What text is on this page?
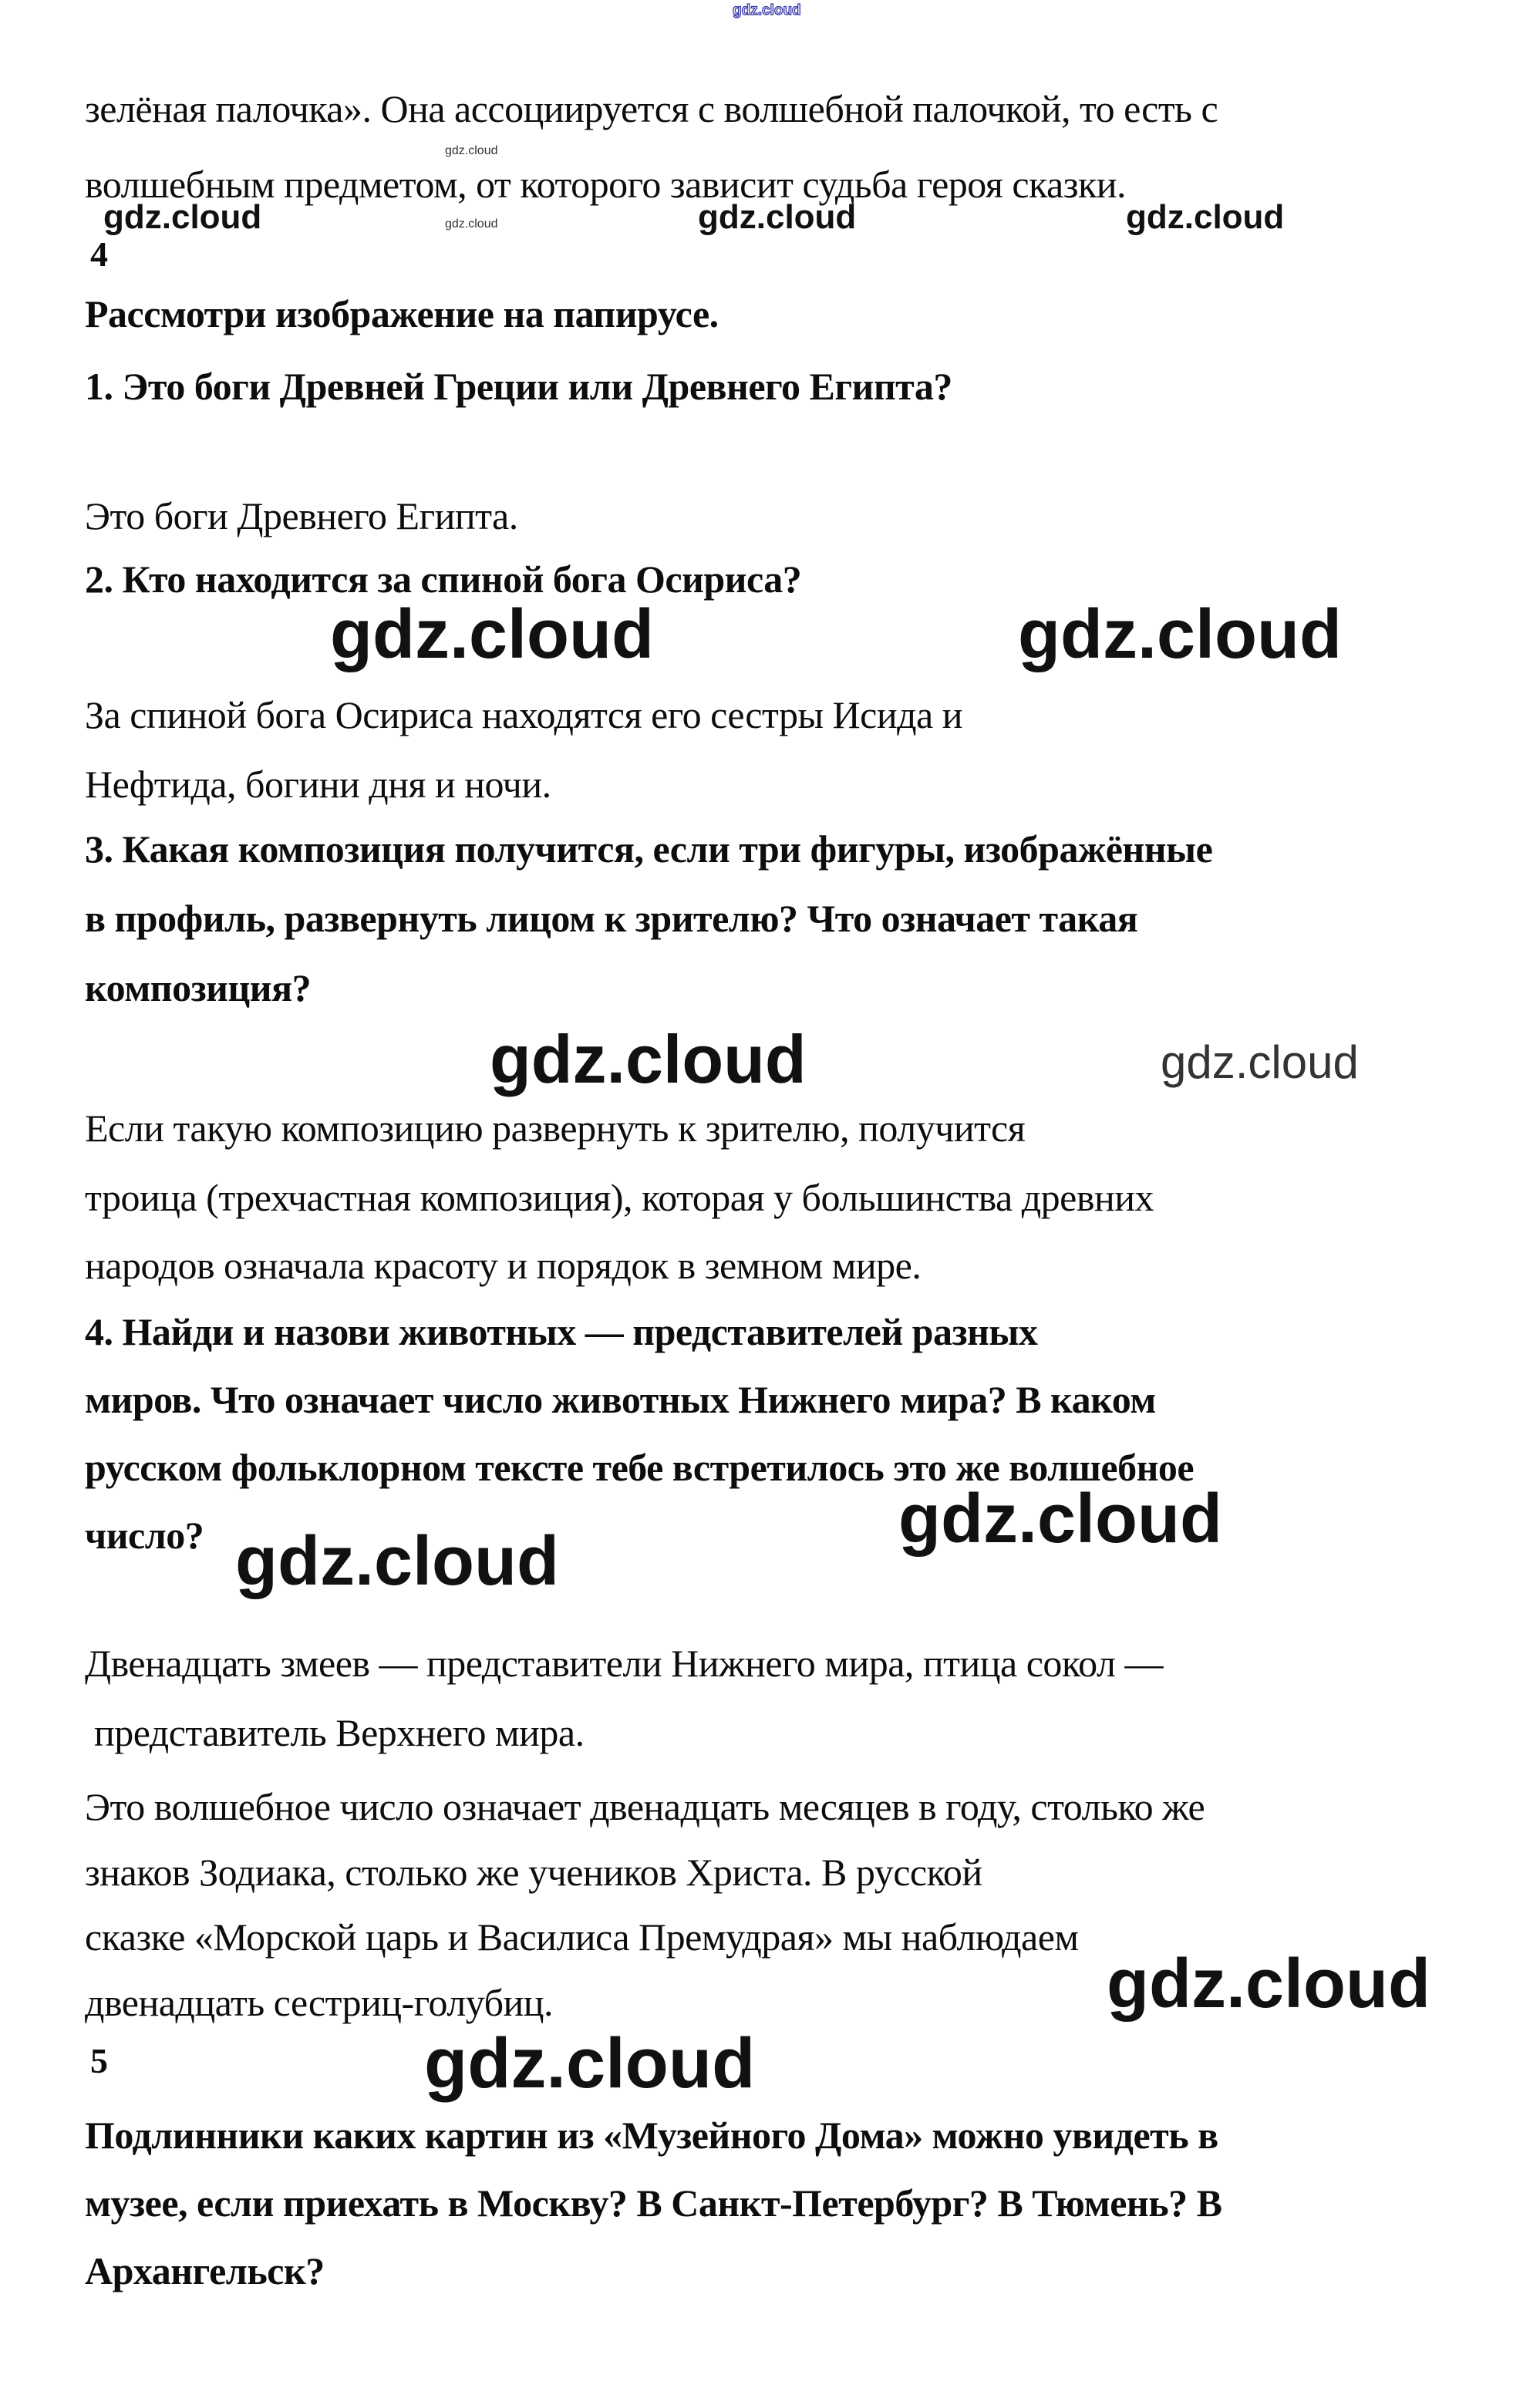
gdz.cloud
gdz.cloud
gdz.cloud	gdz.cloud	gdz.cloud
gdz.cloud
gdz.cloud	gdz.cloud
gdz.cloud	gdz.cloud
gdz.cloud
gdz.cloud
gdz.cloud
gdz.cloud
зелёная палочка». Она ассоциируется с волшебной палочкой, то есть с
волшебным предметом, от которого зависит судьба героя сказки.
4
Рассмотри изображение на папирусе.
1. Это боги Древней Греции или Древнего Египта?
Это боги Древнего Египта.
2. Кто находится за спиной бога Осириса?
За спиной бога Осириса находятся его сестры Исида и
Нефтида, богини дня и ночи.
3. Какая композиция получится, если три фигуры, изображённые
в профиль, развернуть лицом к зрителю? Что означает такая
композиция?
Если такую композицию развернуть к зрителю, получится
троица (трехчастная композиция), которая у большинства древних
народов означала красоту и порядок в земном мире.
4. Найди и назови животных — представителей разных
миров. Что означает число животных Нижнего мира? В каком
русском фольклорном тексте тебе встретилось это же волшебное
число?
Двенадцать змеев — представители Нижнего мира, птица сокол —
представитель Верхнего мира.
Это волшебное число означает двенадцать месяцев в году, столько же
знаков Зодиака, столько же учеников Христа. В русской
сказке «Морской царь и Василиса Премудрая» мы наблюдаем
двенадцать сестриц-голубиц.
5
Подлинники каких картин из «Музейного Дома» можно увидеть в
музее, если приехать в Москву? В Санкт-Петербург? В Тюмень? В
Архангельск?
